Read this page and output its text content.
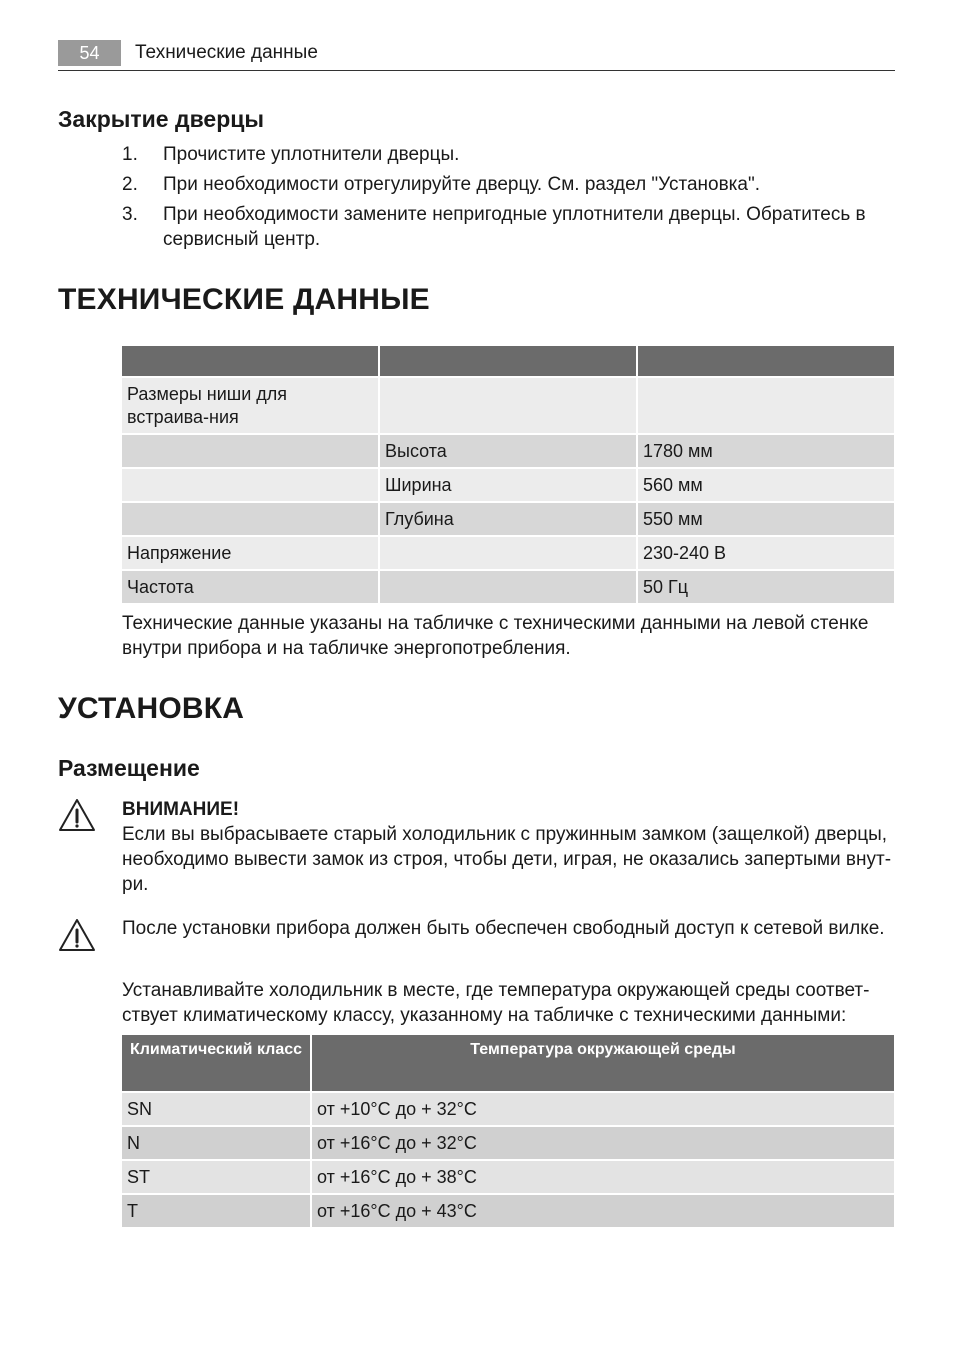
54	Технические данные
Закрытие дверцы
1. Прочистите уплотнители дверцы.
2. При необходимости отрегулируйте дверцу. См. раздел "Установка".
3. При необходимости замените непригодные уплотнители дверцы. Обратитесь в сервисный центр.
ТЕХНИЧЕСКИЕ ДАННЫЕ

Размеры ниши для встраива-ния		
	Высота	1780 мм
	Ширина	560 мм
	Глубина	550 мм
Напряжение		230-240 В
Частота		50 Гц
Технические данные указаны на табличке с техническими данными на левой стенке внутри прибора и на табличке энергопотребления.
УСТАНОВКА
Размещение
ВНИМАНИЕ!
Если вы выбрасываете старый холодильник с пружинным замком (защелкой) дверцы, необходимо вывести замок из строя, чтобы дети, играя, не оказались запертыми внут-ри.
После установки прибора должен быть обеспечен свободный доступ к сетевой вилке.
Устанавливайте холодильник в месте, где температура окружающей среды соответ-ствует климатическому классу, указанному на табличке с техническими данными:
Климатический класс	Температура окружающей среды
SN	от +10°C до + 32°C
N	от +16°C до + 32°C
ST	от +16°C до + 38°C
T	от +16°C до + 43°C
